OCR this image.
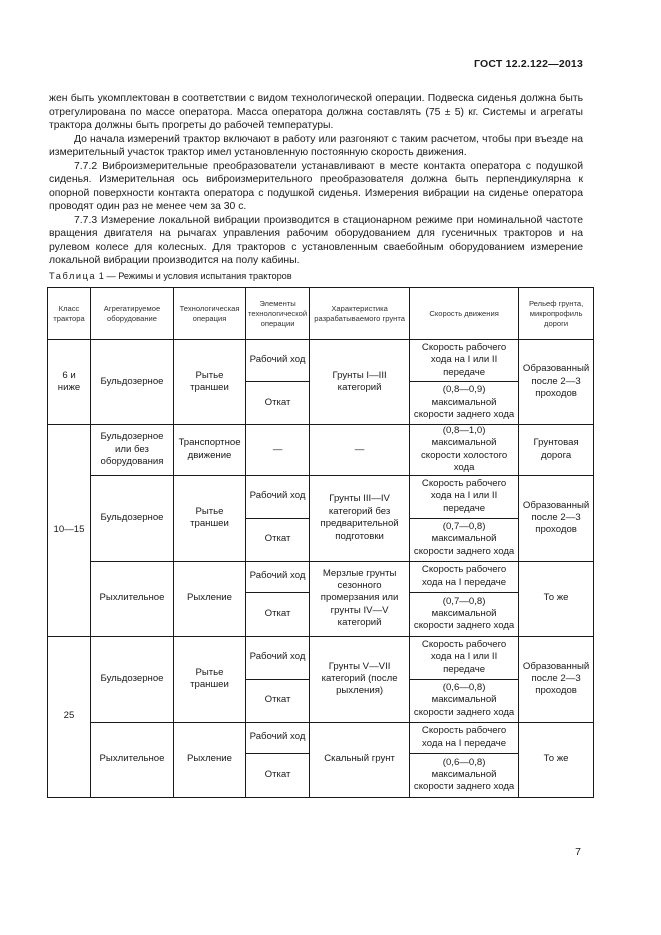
ГОСТ 12.2.122—2013

жен быть укомплектован в соответствии с видом технологической операции. Подвеска сиденья должна быть отрегулирована по массе оператора. Масса оператора должна составлять (75 ± 5) кг. Системы и агрегаты трактора должны быть прогреты до рабочей температуры.

До начала измерений трактор включают в работу или разгоняют с таким расчетом, чтобы при въезде на измерительный участок трактор имел установленную постоянную скорость движения.

7.7.2 Виброизмерительные преобразователи устанавливают в месте контакта оператора с подушкой сиденья. Измерительная ось виброизмерительного преобразователя должна быть перпендикулярна к опорной поверхности контакта оператора с подушкой сиденья. Измерения вибрации на сиденье оператора проводят один раз не менее чем за 30 с.

7.7.3 Измерение локальной вибрации производится в стационарном режиме при номинальной частоте вращения двигателя на рычагах управления рабочим оборудованием для гусеничных тракторов и на рулевом колесе для колесных. Для тракторов с установленным сваебойным оборудованием измерение локальной вибрации производится на полу кабины.

Таблица 1 — Режимы и условия испытания тракторов
Класс трактора	Агрегатируемое оборудование	Технологическая операция	Элементы технологической операции	Характеристика разрабатываемого грунта	Скорость движения	Рельеф грунта, микропрофиль дороги
6 и ниже	Бульдозерное	Рытье траншеи	Рабочий ход	Грунты I—III категорий	Скорость рабочего хода на I или II передаче	Образованный после 2—3 проходов
			Откат		(0,8—0,9) максимальной скорости заднего хода	
10—15	Бульдозерное или без оборудования	Транспортное движение	—	—	(0,8—1,0) максимальной скорости холостого хода	Грунтовая дорога
	Бульдозерное	Рытье траншеи	Рабочий ход	Грунты III—IV категорий без предварительной подготовки	Скорость рабочего хода на I или II передаче	Образованный после 2—3 проходов
			Откат		(0,7—0,8) максимальной скорости заднего хода	
	Рыхлительное	Рыхление	Рабочий ход	Мерзлые грунты сезонного промерзания или грунты IV—V категорий	Скорость рабочего хода на I передаче	То же
			Откат		(0,7—0,8) максимальной скорости заднего хода	
25	Бульдозерное	Рытье траншеи	Рабочий ход	Грунты V—VII категорий (после рыхления)	Скорость рабочего хода на I или II передаче	Образованный после 2—3 проходов
			Откат		(0,6—0,8) максимальной скорости заднего хода	
	Рыхлительное	Рыхление	Рабочий ход	Скальный грунт	Скорость рабочего хода на I передаче	То же
			Откат		(0,6—0,8) максимальной скорости заднего хода	
7
